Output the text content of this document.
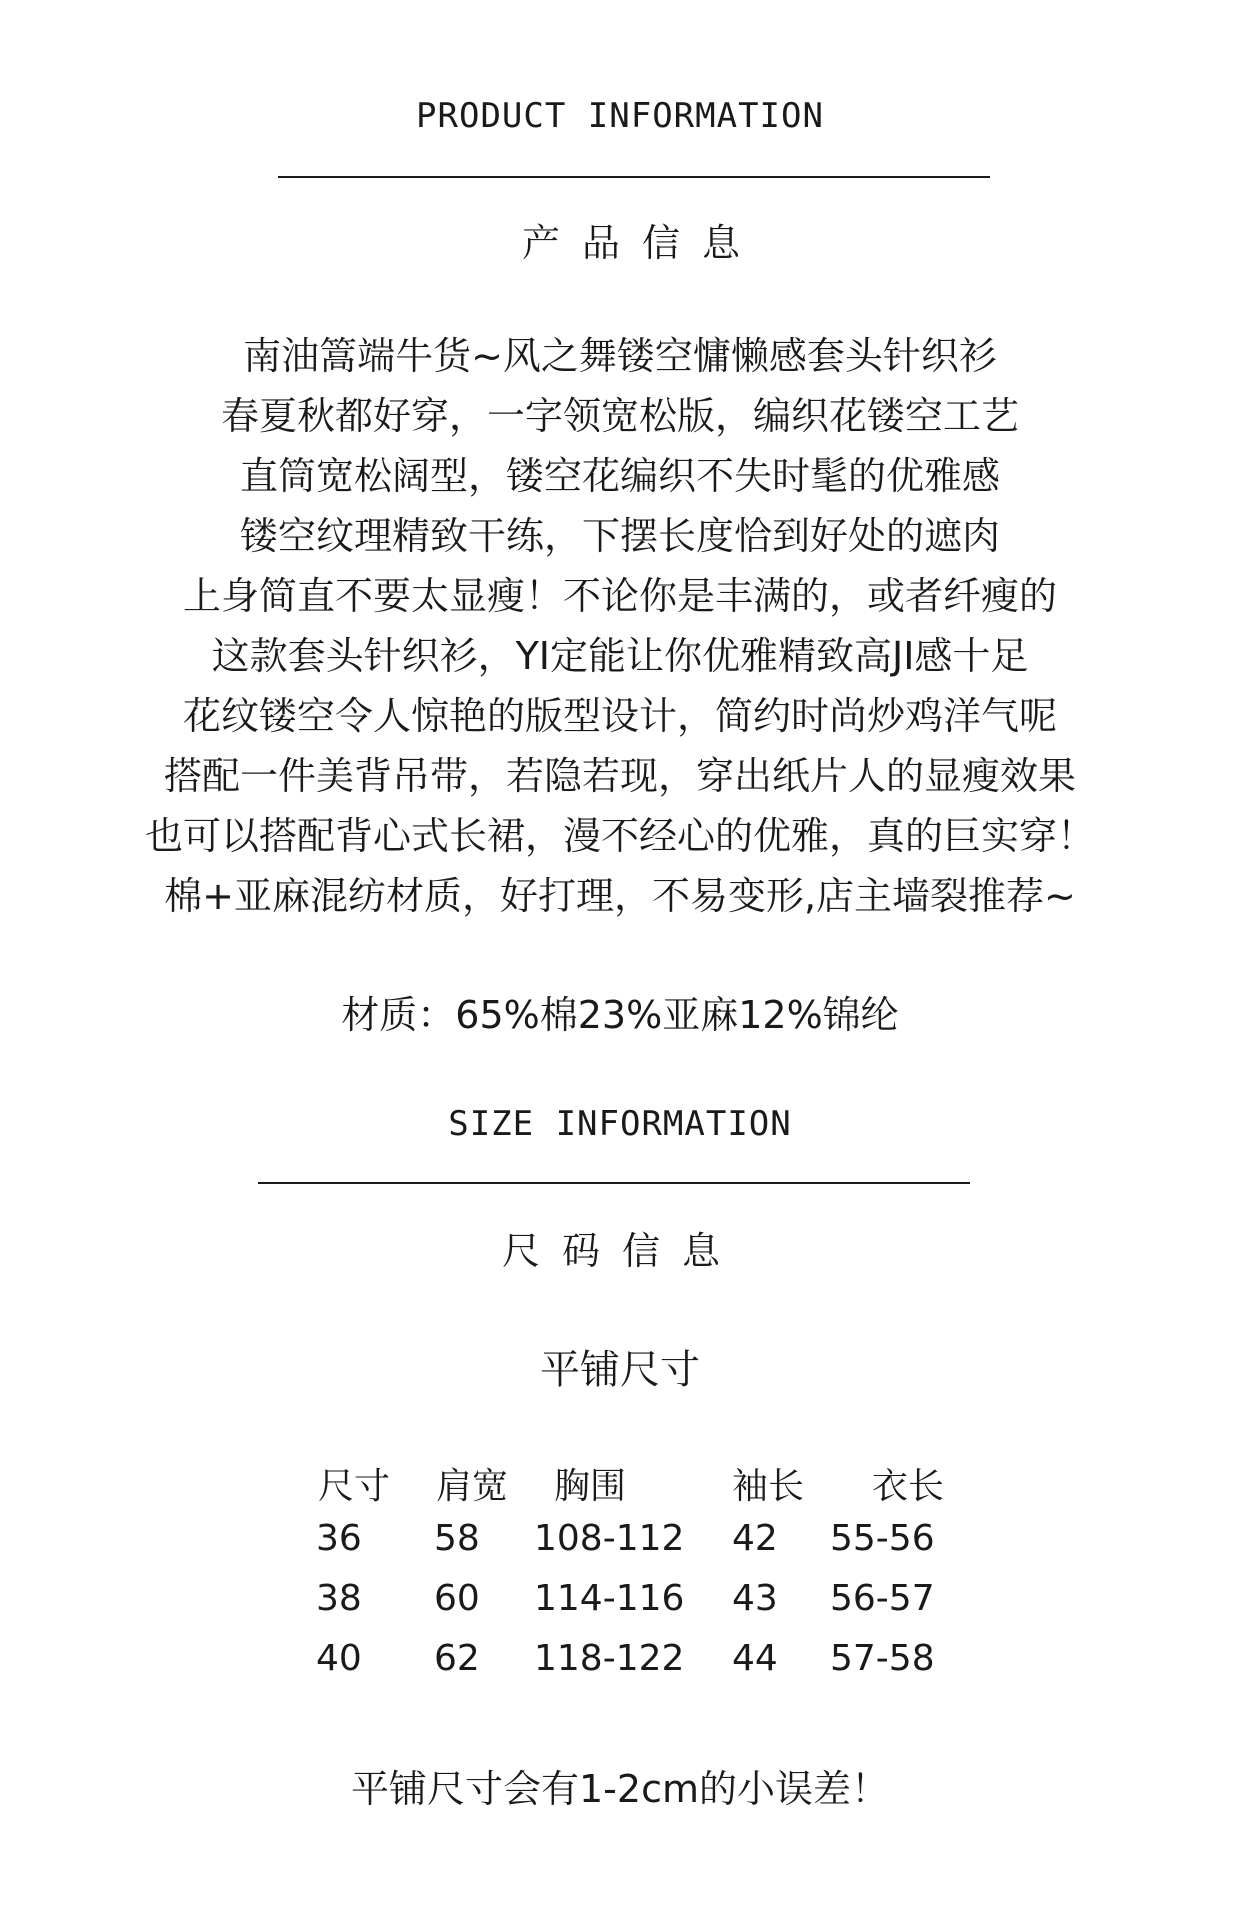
PRODUCT INFORMATION
产品信息
南油篙端牛货~风之舞镂空慵懒感套头针织衫
春夏秋都好穿，一字领宽松版，编织花镂空工艺
直筒宽松阔型，镂空花编织不失时髦的优雅感
镂空纹理精致干练，下摆长度恰到好处的遮肉
上身简直不要太显瘦！不论你是丰满的，或者纤瘦的
这款套头针织衫，YI定能让你优雅精致高JI感十足
花纹镂空令人惊艳的版型设计，简约时尚炒鸡洋气呢
搭配一件美背吊带，若隐若现，穿出纸片人的显瘦效果
也可以搭配背心式长裙，漫不经心的优雅，真的巨实穿！
棉+亚麻混纺材质，好打理，不易变形,店主墙裂推荐~
材质：65%棉23%亚麻12%锦纶
SIZE INFORMATION
尺码信息
平铺尺寸
尺寸 肩宽 胸围	袖长 衣长
36 58 108-112 42 55-56
38 60 114-116 43 56-57
40 62 118-122 44 57-58
平铺尺寸会有1-2cm的小误差！
